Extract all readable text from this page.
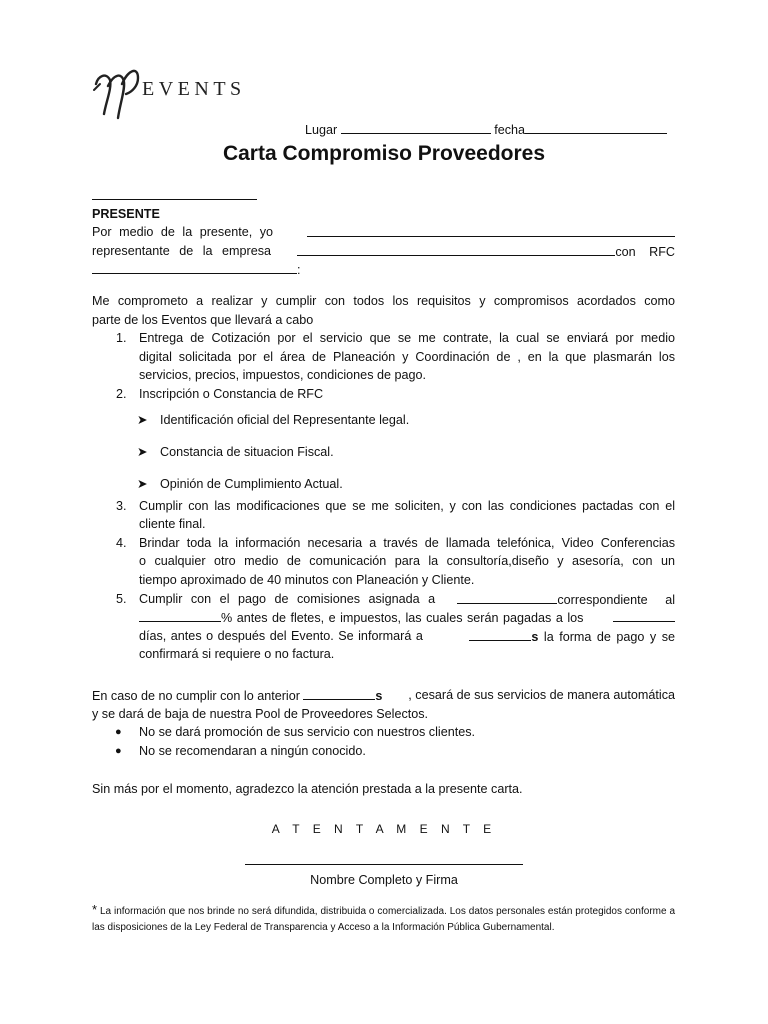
EVENTS
Lugar	fecha
Carta Compromiso Proveedores
PRESENTE
Por medio de la presente, yo
representante de la empresa	con RFC
:
Me comprometo a realizar y cumplir con todos los requisitos y compromisos acordados como
parte de los Eventos que llevará a cabo
1. Entrega de Cotización por el servicio que se me contrate, la cual se enviará por medio
digital solicitada por el área de Planeación y Coordinación de , en la que plasmarán los
servicios, precios, impuestos, condiciones de pago.
2. Inscripción o Constancia de RFC
➤ Identificación oficial del Representante legal.
➤ Constancia de situacion Fiscal.
➤ Opinión de Cumplimiento Actual.
3. Cumplir con las modificaciones que se me soliciten, y con las condiciones pactadas con el
cliente final.
4. Brindar toda la información necesaria a través de llamada telefónica, Video Conferencias
o cualquier otro medio de comunicación para la consultoría,diseño y asesoría, con un
tiempo aproximado de 40 minutos con Planeación y Cliente.
5. Cumplir con el pago de comisiones asignada a	correspondiente al
% antes de fletes, e impuestos, las cuales serán pagadas a los
días, antes o después del Evento. Se informará a	s la forma de pago y se
confirmará si requiere o no factura.
En caso de no cumplir con lo anterior	s , cesará de sus servicios de manera automática
y se dará de baja de nuestra Pool de Proveedores Selectos.
● No se dará promoción de sus servicio con nuestros clientes.
● No se recomendaran a ningún conocido.
Sin más por el momento, agradezco la atención prestada a la presente carta.
A T E N T A M E N T E
Nombre Completo y Firma
* La información que nos brinde no será difundida, distribuida o comercializada. Los datos personales están protegidos conforme a las disposiciones de la Ley Federal de Transparencia y Acceso a la Información Pública Gubernamental.
